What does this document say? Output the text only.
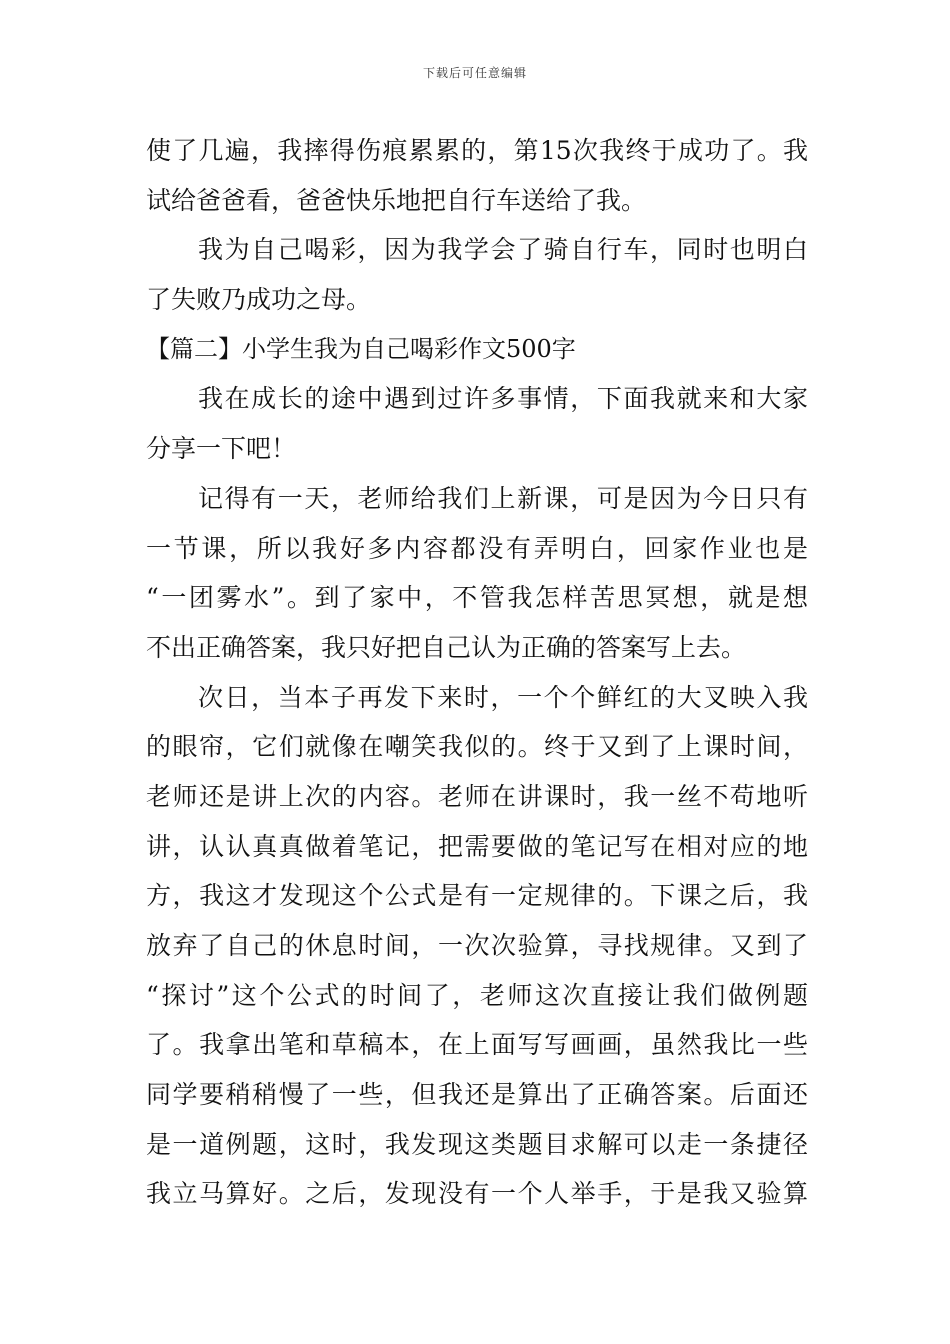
下载后可任意编辑
使了几遍，我摔得伤痕累累的，第15次我终于成功了。我
试给爸爸看，爸爸快乐地把自行车送给了我。
我为自己喝彩，因为我学会了骑自行车，同时也明白
了失败乃成功之母。
【篇二】小学生我为自己喝彩作文500字
我在成长的途中遇到过许多事情，下面我就来和大家
分享一下吧！
记得有一天，老师给我们上新课，可是因为今日只有
一节课，所以我好多内容都没有弄明白，回家作业也是
“一团雾水”。到了家中，不管我怎样苦思冥想，就是想
不出正确答案，我只好把自己认为正确的答案写上去。
次日，当本子再发下来时，一个个鲜红的大叉映入我
的眼帘，它们就像在嘲笑我似的。终于又到了上课时间，
老师还是讲上次的内容。老师在讲课时，我一丝不苟地听
讲，认认真真做着笔记，把需要做的笔记写在相对应的地
方，我这才发现这个公式是有一定规律的。下课之后，我
放弃了自己的休息时间，一次次验算，寻找规律。又到了
“探讨”这个公式的时间了，老师这次直接让我们做例题
了。我拿出笔和草稿本，在上面写写画画，虽然我比一些
同学要稍稍慢了一些，但我还是算出了正确答案。后面还
是一道例题，这时，我发现这类题目求解可以走一条捷径
我立马算好。之后，发现没有一个人举手，于是我又验算
